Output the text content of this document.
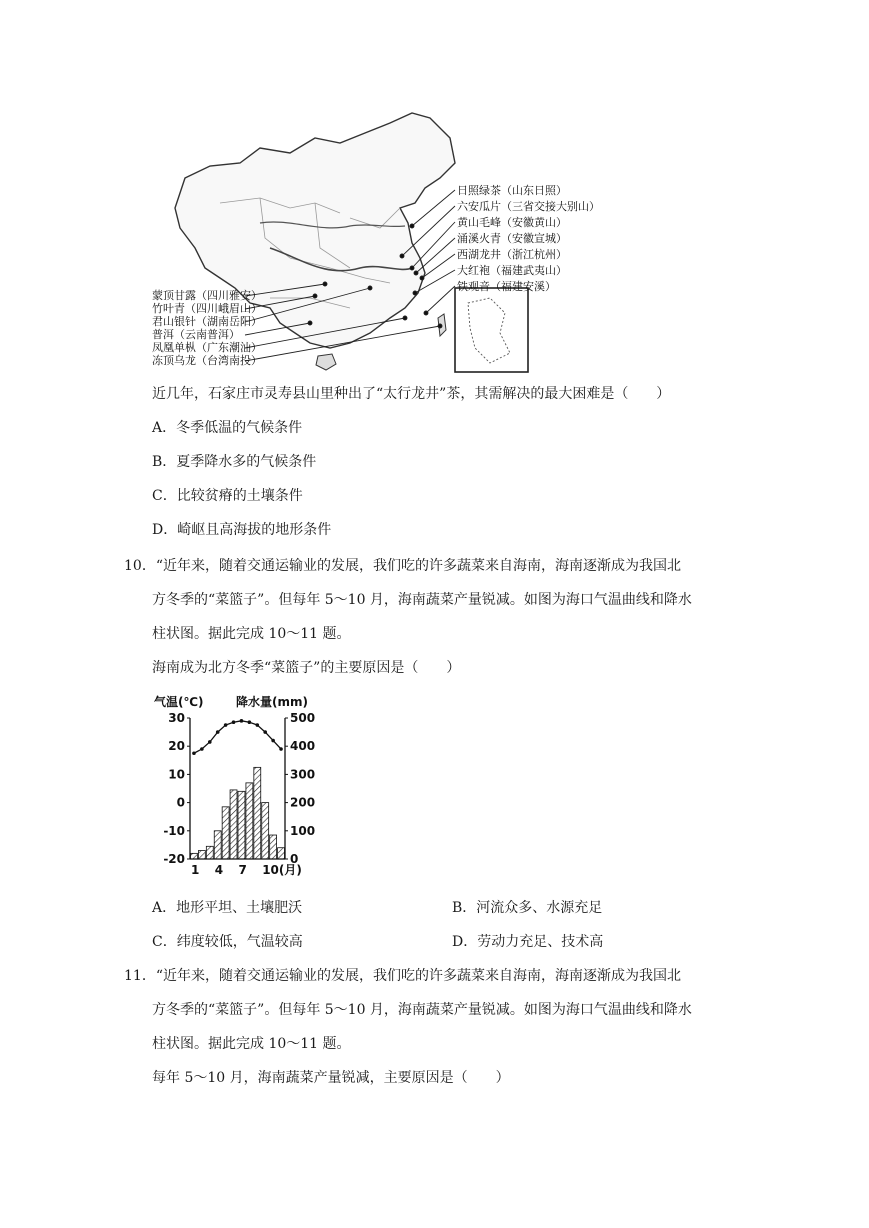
日照绿茶（山东日照）
六安瓜片（三省交接大别山）
黄山毛峰（安徽黄山）
涌溪火青（安徽宣城）
西湖龙井（浙江杭州）
大红袍（福建武夷山）
铁观音（福建安溪）
蒙顶甘露（四川雅安）
竹叶青（四川峨眉山）
君山银针（湖南岳阳）
普洱（云南普洱）
凤凰单枞（广东潮汕）
冻顶乌龙（台湾南投）
近几年，石家庄市灵寿县山里种出了“太行龙井”茶，其需解决的最大困难是（　　）
A．冬季低温的气候条件
B．夏季降水多的气候条件
C．比较贫瘠的土壤条件
D．崎岖且高海拔的地形条件
10．“近年来，随着交通运输业的发展，我们吃的许多蔬菜来自海南，海南逐渐成为我国北
方冬季的“菜篮子”。但每年 5～10 月，海南蔬菜产量锐减。如图为海口气温曲线和降水
柱状图。据此完成 10～11 题。
海南成为北方冬季“菜篮子”的主要原因是（　　）
气温(℃)	降水量(mm)
30
20
10
0
-10
-20
500
400
300
200
100
0
1 4 7 10(月)
A．地形平坦、土壤肥沃	B．河流众多、水源充足
C．纬度较低，气温较高	D．劳动力充足、技术高
11．“近年来，随着交通运输业的发展，我们吃的许多蔬菜来自海南，海南逐渐成为我国北
方冬季的“菜篮子”。但每年 5～10 月，海南蔬菜产量锐减。如图为海口气温曲线和降水
柱状图。据此完成 10～11 题。
每年 5～10 月，海南蔬菜产量锐减，主要原因是（　　）
